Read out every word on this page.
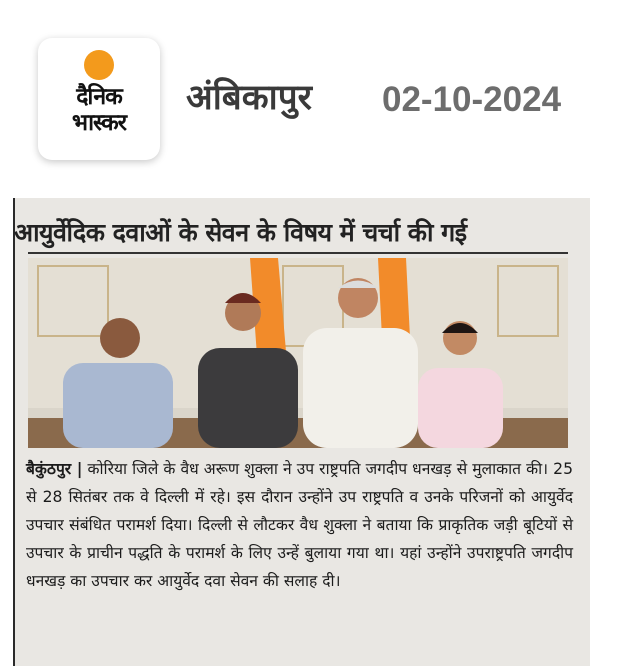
दैनिक
भास्कर
अंबिकापुर 02-10-2024
आयुर्वेदिक दवाओं के सेवन के विषय में चर्चा की गई
बैकुंठपुर | कोरिया जिले के वैध अरूण शुक्ला ने उप राष्ट्रपति जगदीप धनखड़ से मुलाकात की। 25 से 28 सितंबर तक वे दिल्ली में रहे। इस दौरान उन्होंने उप राष्ट्रपति व उनके परिजनों को आयुर्वेद उपचार संबंधित परामर्श दिया। दिल्ली से लौटकर वैध शुक्ला ने बताया कि प्राकृतिक जड़ी बूटियों से उपचार के प्राचीन पद्धति के परामर्श के लिए उन्हें बुलाया गया था। यहां उन्होंने उपराष्ट्रपति जगदीप धनखड़ का उपचार कर आयुर्वेद दवा सेवन की सलाह दी।
